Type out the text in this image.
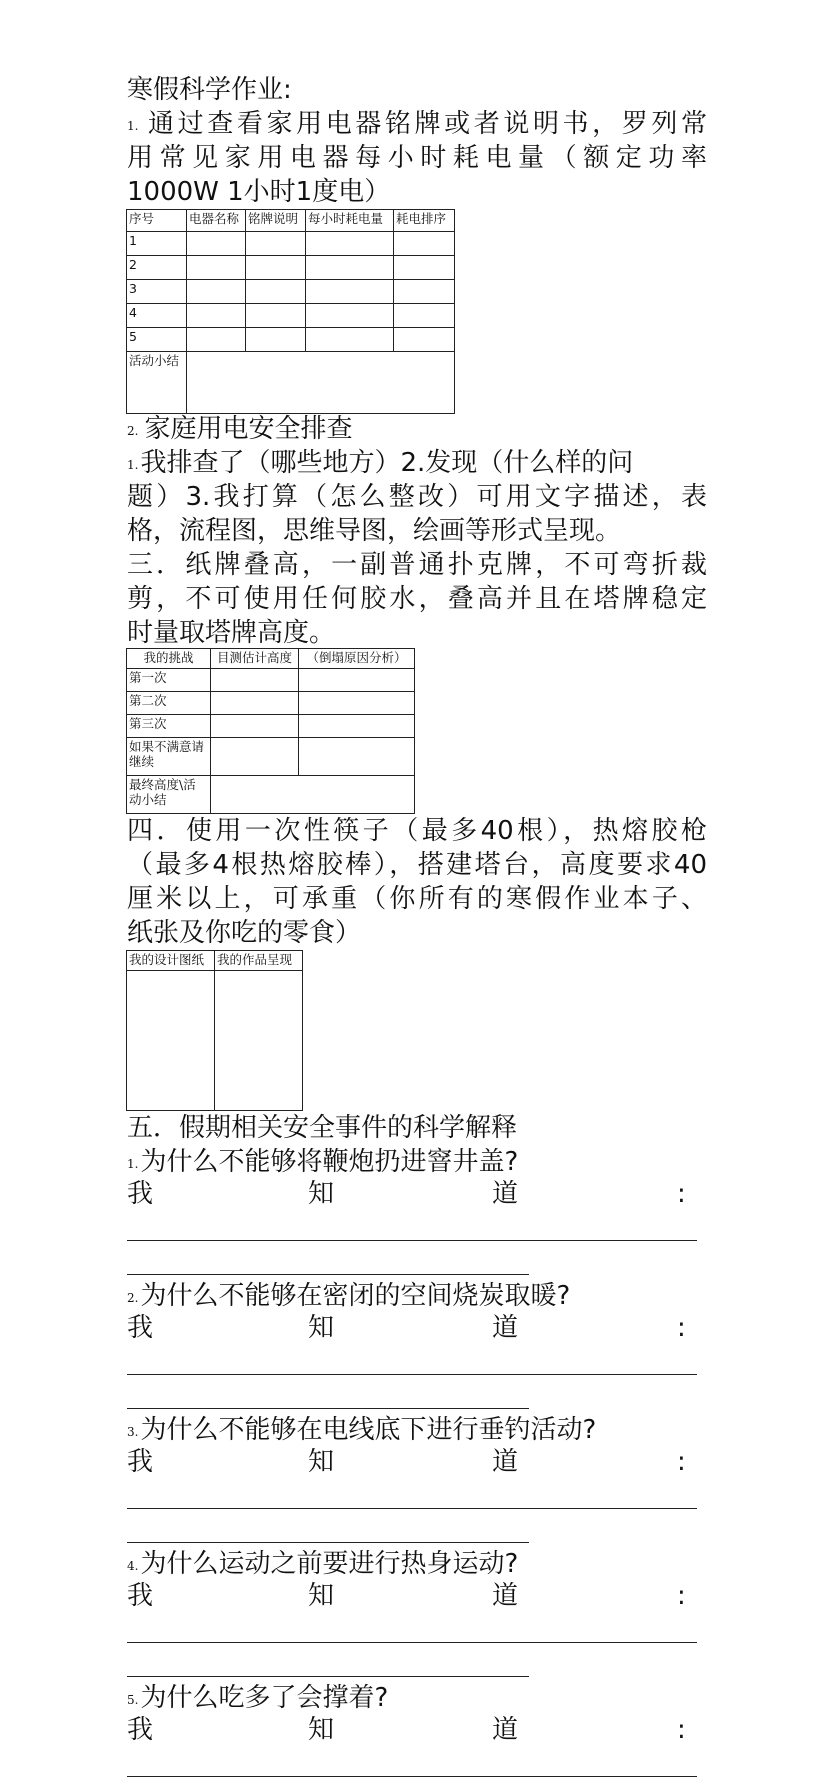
寒假科学作业:
1. 通过查看家用电器铭牌或者说明书，罗列常
用常见家用电器每小时耗电量（额定功率
1000W 1小时1度电）
序号	电器名称	铭牌说明	每小时耗电量	耗电排序
1				
2				
3				
4				
5				
活动小结				
2. 家庭用电安全排查
1.我排查了（哪些地方）2.发现（什么样的问
题）3.我打算（怎么整改）可用文字描述，表
格，流程图，思维导图，绘画等形式呈现。
三．纸牌叠高，一副普通扑克牌，不可弯折裁
剪，不可使用任何胶水，叠高并且在塔牌稳定
时量取塔牌高度。
我的挑战	目测估计高度	（倒塌原因分析）
第一次		
第二次		
第三次		
如果不满意请继续		
最终高度\活动小结		
四．使用一次性筷子（最多40根），热熔胶枪
（最多4根热熔胶棒），搭建塔台，高度要求40
厘米以上，可承重（你所有的寒假作业本子、
纸张及你吃的零食）
我的设计图纸	我的作品呈现

五．假期相关安全事件的科学解释
1.为什么不能够将鞭炮扔进窨井盖?
我	知	道	:
2.为什么不能够在密闭的空间烧炭取暖?
我	知	道	:
3.为什么不能够在电线底下进行垂钓活动?
我	知	道	:
4.为什么运动之前要进行热身运动?
我	知	道	:
5.为什么吃多了会撑着?
我	知	道	:
